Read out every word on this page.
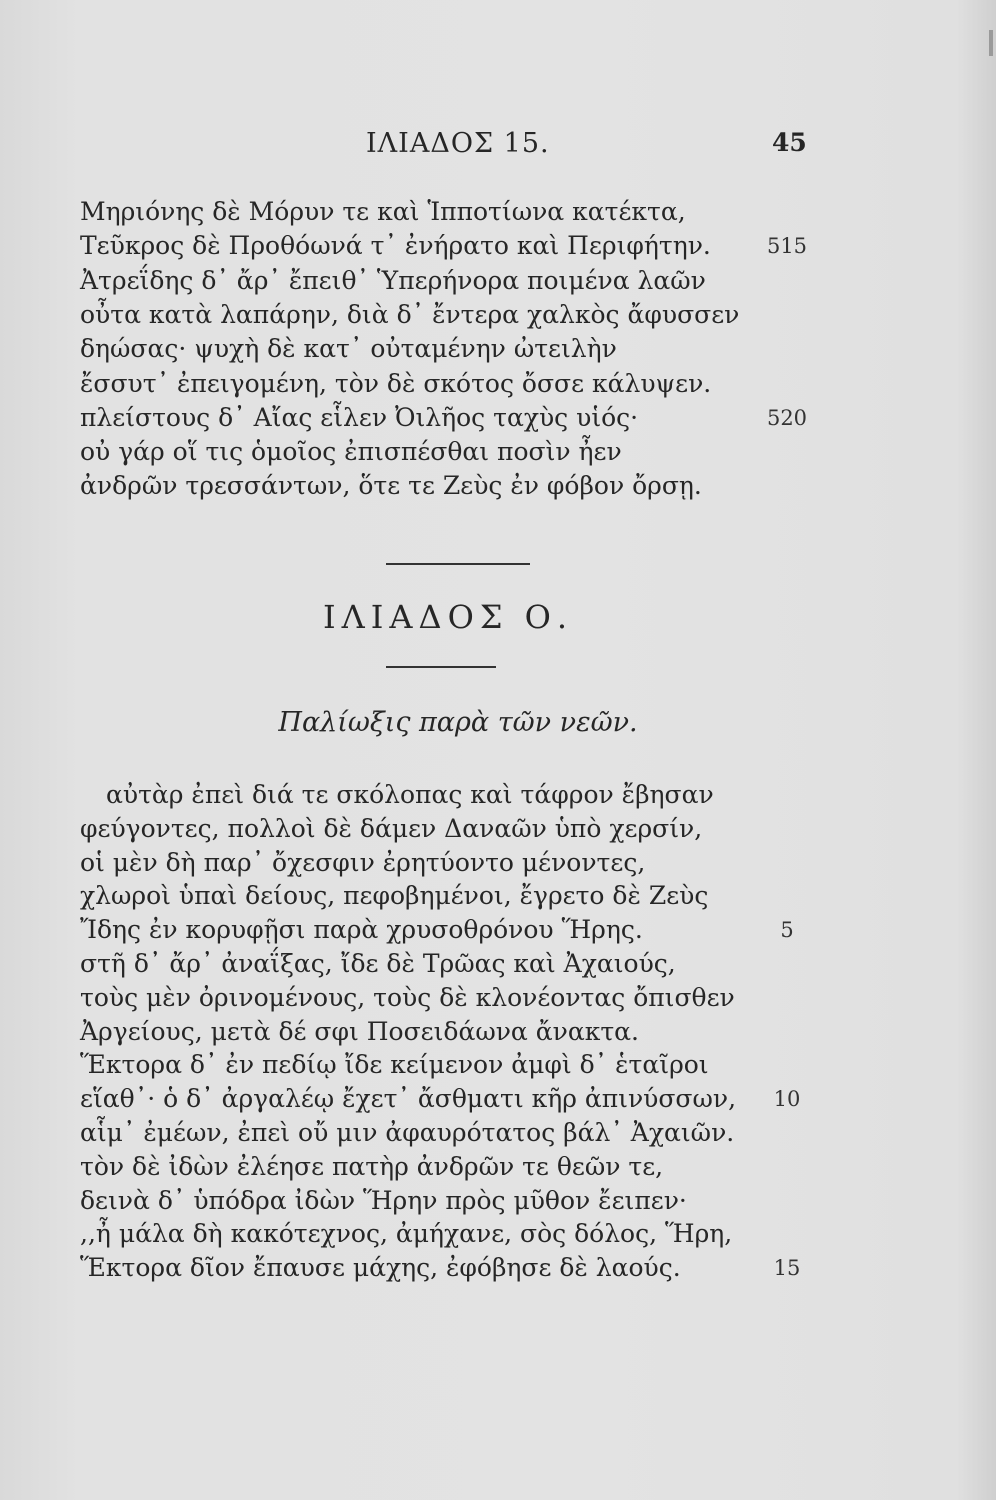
ΙΛΙΑΔΟΣ 15.	45
Μηριόνης δὲ Μόρυν τε καὶ Ἱπποτίωνα κατέκτα,
Τεῦκρος δὲ Προθόωνά τ᾿ ἐνήρατο καὶ Περιφήτην.	515
Ἀτρεΐδης δ᾿ ἄρ᾿ ἔπειθ᾿ Ὑπερήνορα ποιμένα λαῶν
οὖτα κατὰ λαπάρην, διὰ δ᾿ ἔντερα χαλκὸς ἄφυσσεν
δηώσας· ψυχὴ δὲ κατ᾿ οὐταμένην ὠτειλὴν
ἔσσυτ᾿ ἐπειγομένη, τὸν δὲ σκότος ὄσσε κάλυψεν.
πλείστους δ᾿ Αἴας εἷλεν Ὀιλῆος ταχὺς υἱός·	520
οὐ γάρ οἵ τις ὁμοῖος ἐπισπέσθαι ποσὶν ἦεν
ἀνδρῶν τρεσσάντων, ὅτε τε Ζεὺς ἐν φόβον ὄρσῃ.
ΙΛΙΑΔΟΣ Ο.
Παλίωξις παρὰ τῶν νεῶν.
αὐτὰρ ἐπεὶ διά τε σκόλοπας καὶ τάφρον ἔβησαν
φεύγοντες, πολλοὶ δὲ δάμεν Δαναῶν ὑπὸ χερσίν,
οἱ μὲν δὴ παρ᾿ ὄχεσφιν ἐρητύοντο μένοντες,
χλωροὶ ὑπαὶ δείους, πεφοβημένοι, ἔγρετο δὲ Ζεὺς
Ἴδης ἐν κορυφῇσι παρὰ χρυσοθρόνου Ἥρης.	5
στῆ δ᾿ ἄρ᾿ ἀναΐξας, ἴδε δὲ Τρῶας καὶ Ἀχαιούς,
τοὺς μὲν ὀρινομένους, τοὺς δὲ κλονέοντας ὄπισθεν
Ἀργείους, μετὰ δέ σφι Ποσειδάωνα ἄνακτα.
Ἕκτορα δ᾿ ἐν πεδίῳ ἴδε κείμενον ἀμφὶ δ᾿ ἑταῖροι
εἵαθ᾿· ὁ δ᾿ ἀργαλέῳ ἔχετ᾿ ἄσθματι κῆρ ἀπινύσσων,	10
αἷμ᾿ ἐμέων, ἐπεὶ οὔ μιν ἀφαυρότατος βάλ᾿ Ἀχαιῶν.
τὸν δὲ ἰδὼν ἐλέησε πατὴρ ἀνδρῶν τε θεῶν τε,
δεινὰ δ᾿ ὑπόδρα ἰδὼν Ἥρην πρὸς μῦθον ἔειπεν·
,,ἦ μάλα δὴ κακότεχνος, ἀμήχανε, σὸς δόλος, Ἥρη,
Ἕκτορα δῖον ἔπαυσε μάχης, ἐφόβησε δὲ λαούς.	15
